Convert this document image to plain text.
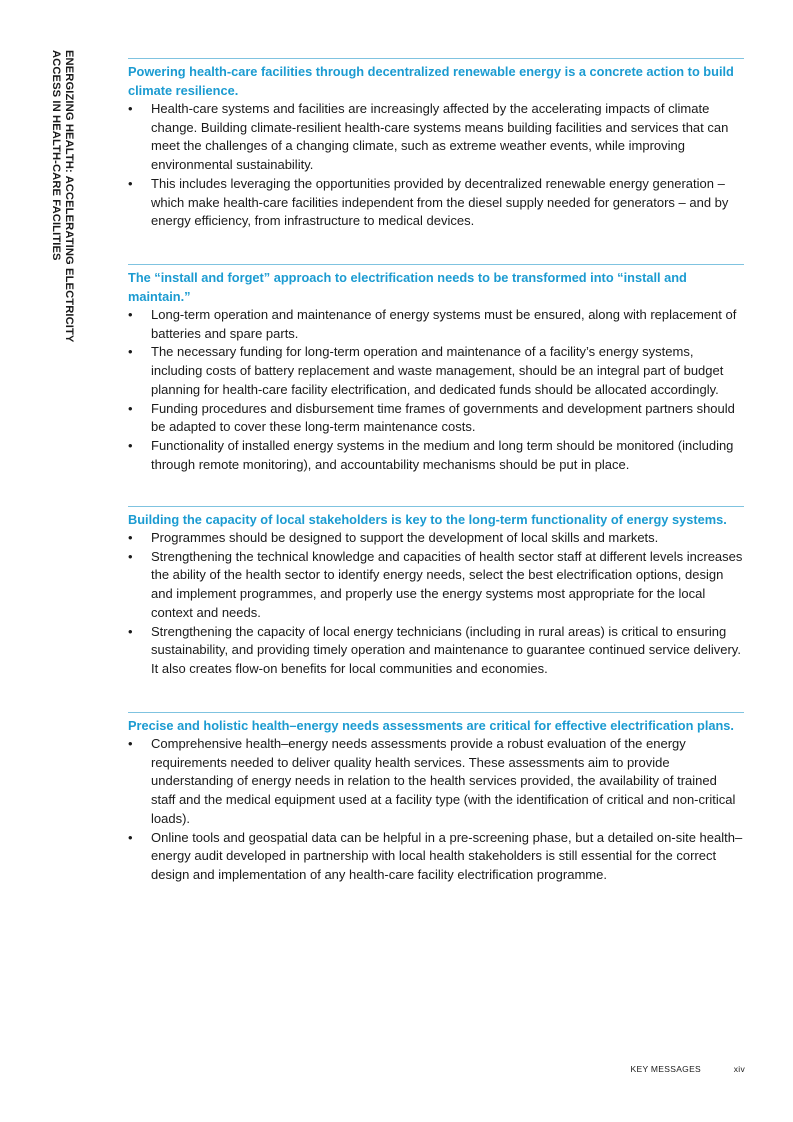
ENERGIZING HEALTH: ACCELERATING ELECTRICITY
ACCESS IN HEALTH-CARE FACILITIES	Powering health-care facilities through decentralized renewable energy is a concrete action to build climate resilience.

• Health-care systems and facilities are increasingly affected by the accelerating impacts of climate change. Building climate-resilient health-care systems means building facilities and services that can meet the challenges of a changing climate, such as extreme weather events, while improving environmental sustainability.
• This includes leveraging the opportunities provided by decentralized renewable energy generation – which make health-care facilities independent from the diesel supply needed for generators – and by energy efficiency, from infrastructure to medical devices.

The “install and forget” approach to electrification needs to be transformed into “install and maintain.”

• Long-term operation and maintenance of energy systems must be ensured, along with replacement of batteries and spare parts.
• The necessary funding for long-term operation and maintenance of a facility’s energy systems, including costs of battery replacement and waste management, should be an integral part of budget planning for health-care facility electrification, and dedicated funds should be allocated accordingly.
• Funding procedures and disbursement time frames of governments and development partners should be adapted to cover these long-term maintenance costs.
• Functionality of installed energy systems in the medium and long term should be monitored (including through remote monitoring), and accountability mechanisms should be put in place.

Building the capacity of local stakeholders is key to the long-term functionality of energy systems.

• Programmes should be designed to support the development of local skills and markets.
• Strengthening the technical knowledge and capacities of health sector staff at different levels increases the ability of the health sector to identify energy needs, select the best electrification options, design and implement programmes, and properly use the energy systems most appropriate for the local context and needs.
• Strengthening the capacity of local energy technicians (including in rural areas) is critical to ensuring sustainability, and providing timely operation and maintenance to guarantee continued service delivery. It also creates flow-on benefits for local communities and economies.

Precise and holistic health–energy needs assessments are critical for effective electrification plans.

• Comprehensive health–energy needs assessments provide a robust evaluation of the energy requirements needed to deliver quality health services. These assessments aim to provide understanding of energy needs in relation to the health services provided, the availability of trained staff and the medical equipment used at a facility type (with the identification of critical and non-critical loads).
• Online tools and geospatial data can be helpful in a pre-screening phase, but a detailed on-site health–energy audit developed in partnership with local health stakeholders is still essential for the correct design and implementation of any health-care facility electrification programme.
KEY MESSAGES	xiv
